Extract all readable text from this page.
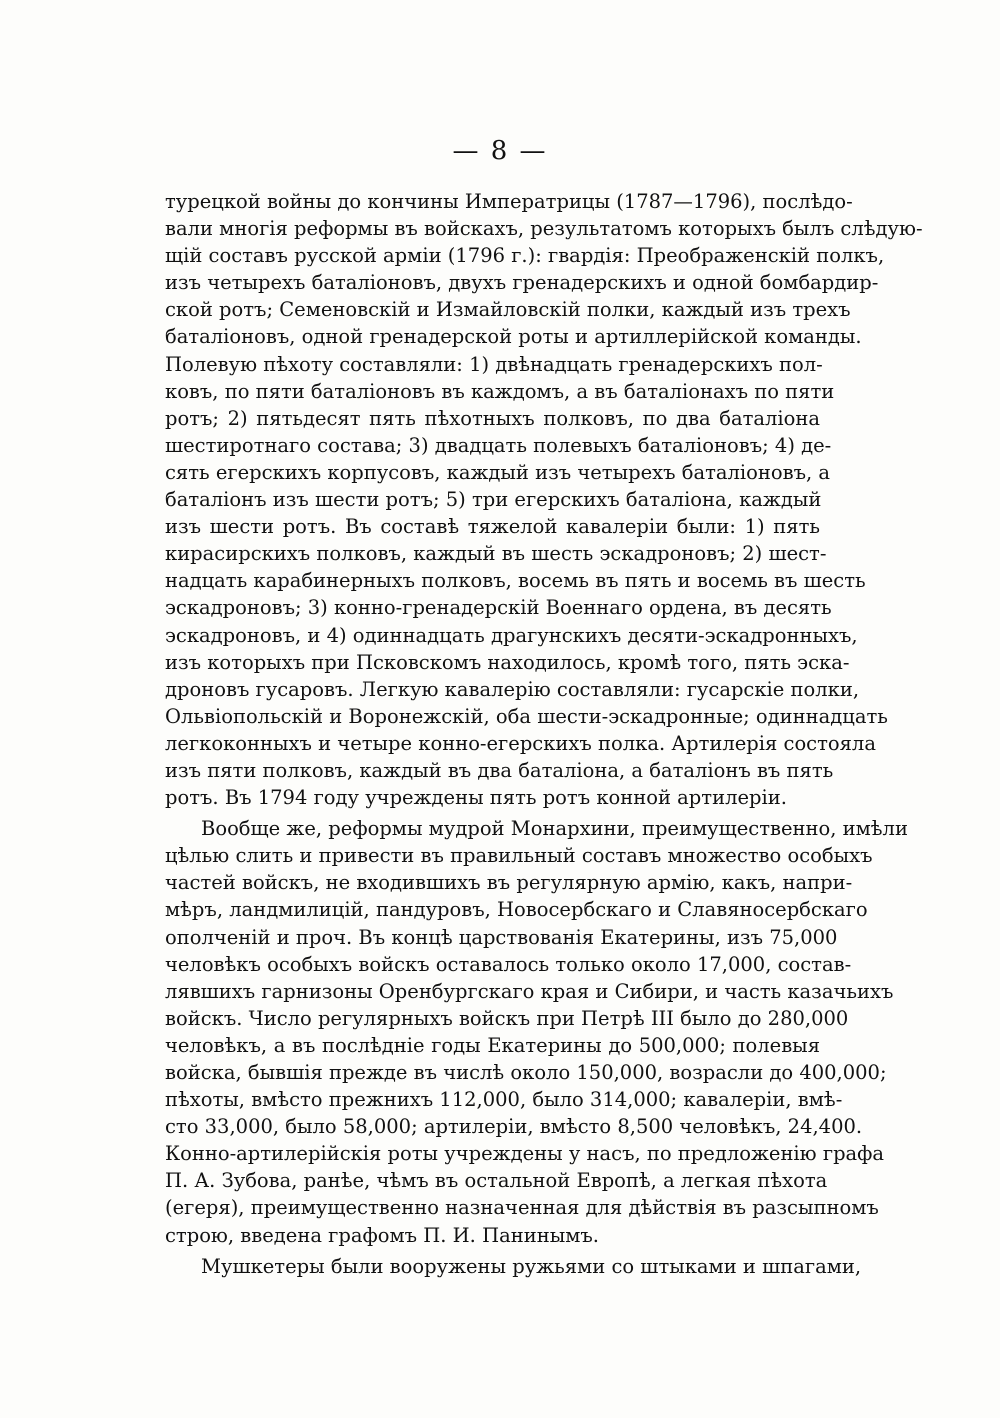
— 8 —
турецкой войны до кончины Императрицы (1787—1796), послѣдо-
вали многія реформы въ войскахъ, результатомъ которыхъ былъ слѣдую-
щій составъ русской арміи (1796 г.): гвардія: Преображенскій полкъ,
изъ четырехъ баталіоновъ, двухъ гренадерскихъ и одной бомбардир-
ской ротъ; Семеновскій и Измайловскій полки, каждый изъ трехъ
баталіоновъ, одной гренадерской роты и артиллерійской команды.
Полевую пѣхоту составляли: 1) двѣнадцать гренадерскихъ пол-
ковъ, по пяти баталіоновъ въ каждомъ, а въ баталіонахъ по пяти
ротъ; 2) пятьдесят пять пѣхотныхъ полковъ, по два баталіона
шестиротнаго состава; 3) двадцать полевыхъ баталіоновъ; 4) де-
сять егерскихъ корпусовъ, каждый изъ четырехъ баталіоновъ, а
баталіонъ изъ шести ротъ; 5) три егерскихъ баталіона, каждый
изъ шести ротъ. Въ составѣ тяжелой кавалеріи были: 1) пять
кирасирскихъ полковъ, каждый въ шесть эскадроновъ; 2) шест-
надцать карабинерныхъ полковъ, восемь въ пять и восемь въ шесть
эскадроновъ; 3) конно-гренадерскій Военнаго ордена, въ десять
эскадроновъ, и 4) одиннадцать драгунскихъ десяти-эскадронныхъ,
изъ которыхъ при Псковскомъ находилось, кромѣ того, пять эска-
дроновъ гусаровъ. Легкую кавалерію составляли: гусарскіе полки,
Ольвіопольскій и Воронежскій, оба шести-эскадронные; одиннадцать
легкоконныхъ и четыре конно-егерскихъ полка. Артилерія состояла
изъ пяти полковъ, каждый въ два баталіона, а баталіонъ въ пять
ротъ. Въ 1794 году учреждены пять ротъ конной артилеріи.
Вообще же, реформы мудрой Монархини, преимущественно, имѣли
цѣлью слить и привести въ правильный составъ множество особыхъ
частей войскъ, не входившихъ въ регулярную армію, какъ, напри-
мѣръ, ландмилицій, пандуровъ, Новосербскаго и Славяносербскаго
ополченій и проч. Въ концѣ царствованія Екатерины, изъ 75,000
человѣкъ особыхъ войскъ оставалось только около 17,000, состав-
лявшихъ гарнизоны Оренбургскаго края и Сибири, и часть казачьихъ
войскъ. Число регулярныхъ войскъ при Петрѣ III было до 280,000
человѣкъ, а въ послѣдніе годы Екатерины до 500,000; полевыя
войска, бывшія прежде въ числѣ около 150,000, возрасли до 400,000;
пѣхоты, вмѣсто прежнихъ 112,000, было 314,000; кавалеріи, вмѣ-
сто 33,000, было 58,000; артилеріи, вмѣсто 8,500 человѣкъ, 24,400.
Конно-артилерійскія роты учреждены у насъ, по предложенію графа
П. А. Зубова, ранѣе, чѣмъ въ остальной Европѣ, а легкая пѣхота
(егеря), преимущественно назначенная для дѣйствія въ разсыпномъ
строю, введена графомъ П. И. Панинымъ.
Мушкетеры были вооружены ружьями со штыками и шпагами,
